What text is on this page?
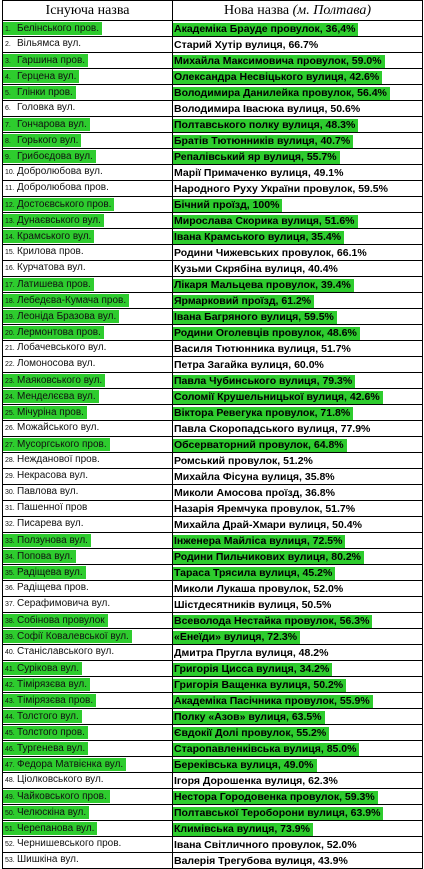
Існуюча назва	Нова назва (м. Полтава)
1. Белінського пров.	Академіка Брауде провулок, 36,4%
2. Вільямса вул.	Старий Хутір вулиця, 66.7%
3. Гаршина пров.	Михайла Максимовича провулок, 59.0%
4. Герцена вул.	Олександра Несвіцького вулиця, 42.6%
5. Глінки пров.	Володимира Данилейка провулок, 56.4%
6. Головка вул.	Володимира Івасюка вулиця, 50.6%
7. Гончарова вул.	Полтавського полку вулиця, 48.3%
8. Горького вул.	Братів Тютюнників вулиця, 40.7%
9. Грибоєдова вул.	Репалівський яр вулиця, 55.7%
10. Добролюбова вул.	Марії Примаченко вулиця, 49.1%
11. Добролюбова пров.	Народного Руху України провулок, 59.5%
12. Достоєвського пров.	Бічний проїзд, 100%
13. Дунаєвського вул.	Мирослава Скорика вулиця, 51.6%
14. Крамського вул.	Івана Крамського вулиця, 35.4%
15. Крилова пров.	Родини Чижевських провулок, 66.1%
16. Курчатова вул.	Кузьми Скрябіна вулиця, 40.4%
17. Латишева пров.	Лікаря Мальцева провулок, 39.4%
18. Лебедєва-Кумача пров.	Ярмарковий проїзд, 61.2%
19. Леоніда Бразова вул.	Івана Багряного вулиця, 59.5%
20. Лермонтова пров.	Родини Оголевців провулок, 48.6%
21. Лобачевського вул.	Василя Тютюнника вулиця, 51.7%
22. Ломоносова вул.	Петра Загайка вулиця, 60.0%
23. Маяковського вул.	Павла Чубинського вулиця, 79.3%
24. Менделєєва вул.	Соломії Крушельницької вулиця, 42.6%
25. Мічуріна пров.	Віктора Ревегука провулок, 71.8%
26. Можайського вул.	Павла Скоропадського вулиця, 77.9%
27. Мусоргського пров.	Обсерваторний провулок, 64.8%
28. Нежданової пров.	Ромський провулок, 51.2%
29. Некрасова вул.	Михайла Фісуна вулиця, 35.8%
30. Павлова вул.	Миколи Амосова проїзд, 36.8%
31. Пашенної пров	Назарія Яремчука провулок, 51.7%
32. Писарева вул.	Михайла Драй-Хмари вулиця, 50.4%
33. Ползунова вул.	Інженера Майліса вулиця, 72.5%
34. Попова вул.	Родини Пильчикових вулиця, 80.2%
35. Радіщева вул.	Тараса Трясила вулиця, 45.2%
36. Радіщева пров.	Миколи Лукаша провулок, 52.0%
37. Серафимовича вул.	Шістдесятників вулиця, 50.5%
38. Собінова провулок	Всеволода Нестайка провулок, 56.3%
39. Софії Ковалевської вул.	«Енеїди» вулиця, 72.3%
40. Станіславського вул.	Дмитра Пругла вулиця, 48.2%
41. Сурікова вул.	Григорія Цисса вулиця, 34.2%
42. Тімірязєва вул.	Григорія Ващенка вулиця, 50.2%
43. Тімірязєва пров.	Академіка Пасічника провулок, 55.9%
44. Толстого вул.	Полку «Азов» вулиця, 63.5%
45. Толстого пров.	Євдокії Долі провулок, 55.2%
46. Тургенева вул.	Старопавленківська вулиця, 85.0%
47. Федора Матвієнка вул.	Береківська вулиця, 49.0%
48. Ціолковського вул.	Ігоря Дорошенка вулиця, 62.3%
49. Чайковського пров.	Нестора Городовенка провулок, 59.3%
50. Челюскіна вул.	Полтавської Тероборони вулиця, 63.9%
51. Черепанова вул.	Климівська вулиця, 73.9%
52. Чернишевського пров.	Івана Світличного провулок, 52.0%
53. Шишкіна вул.	Валерія Трегубова вулиця, 43.9%
